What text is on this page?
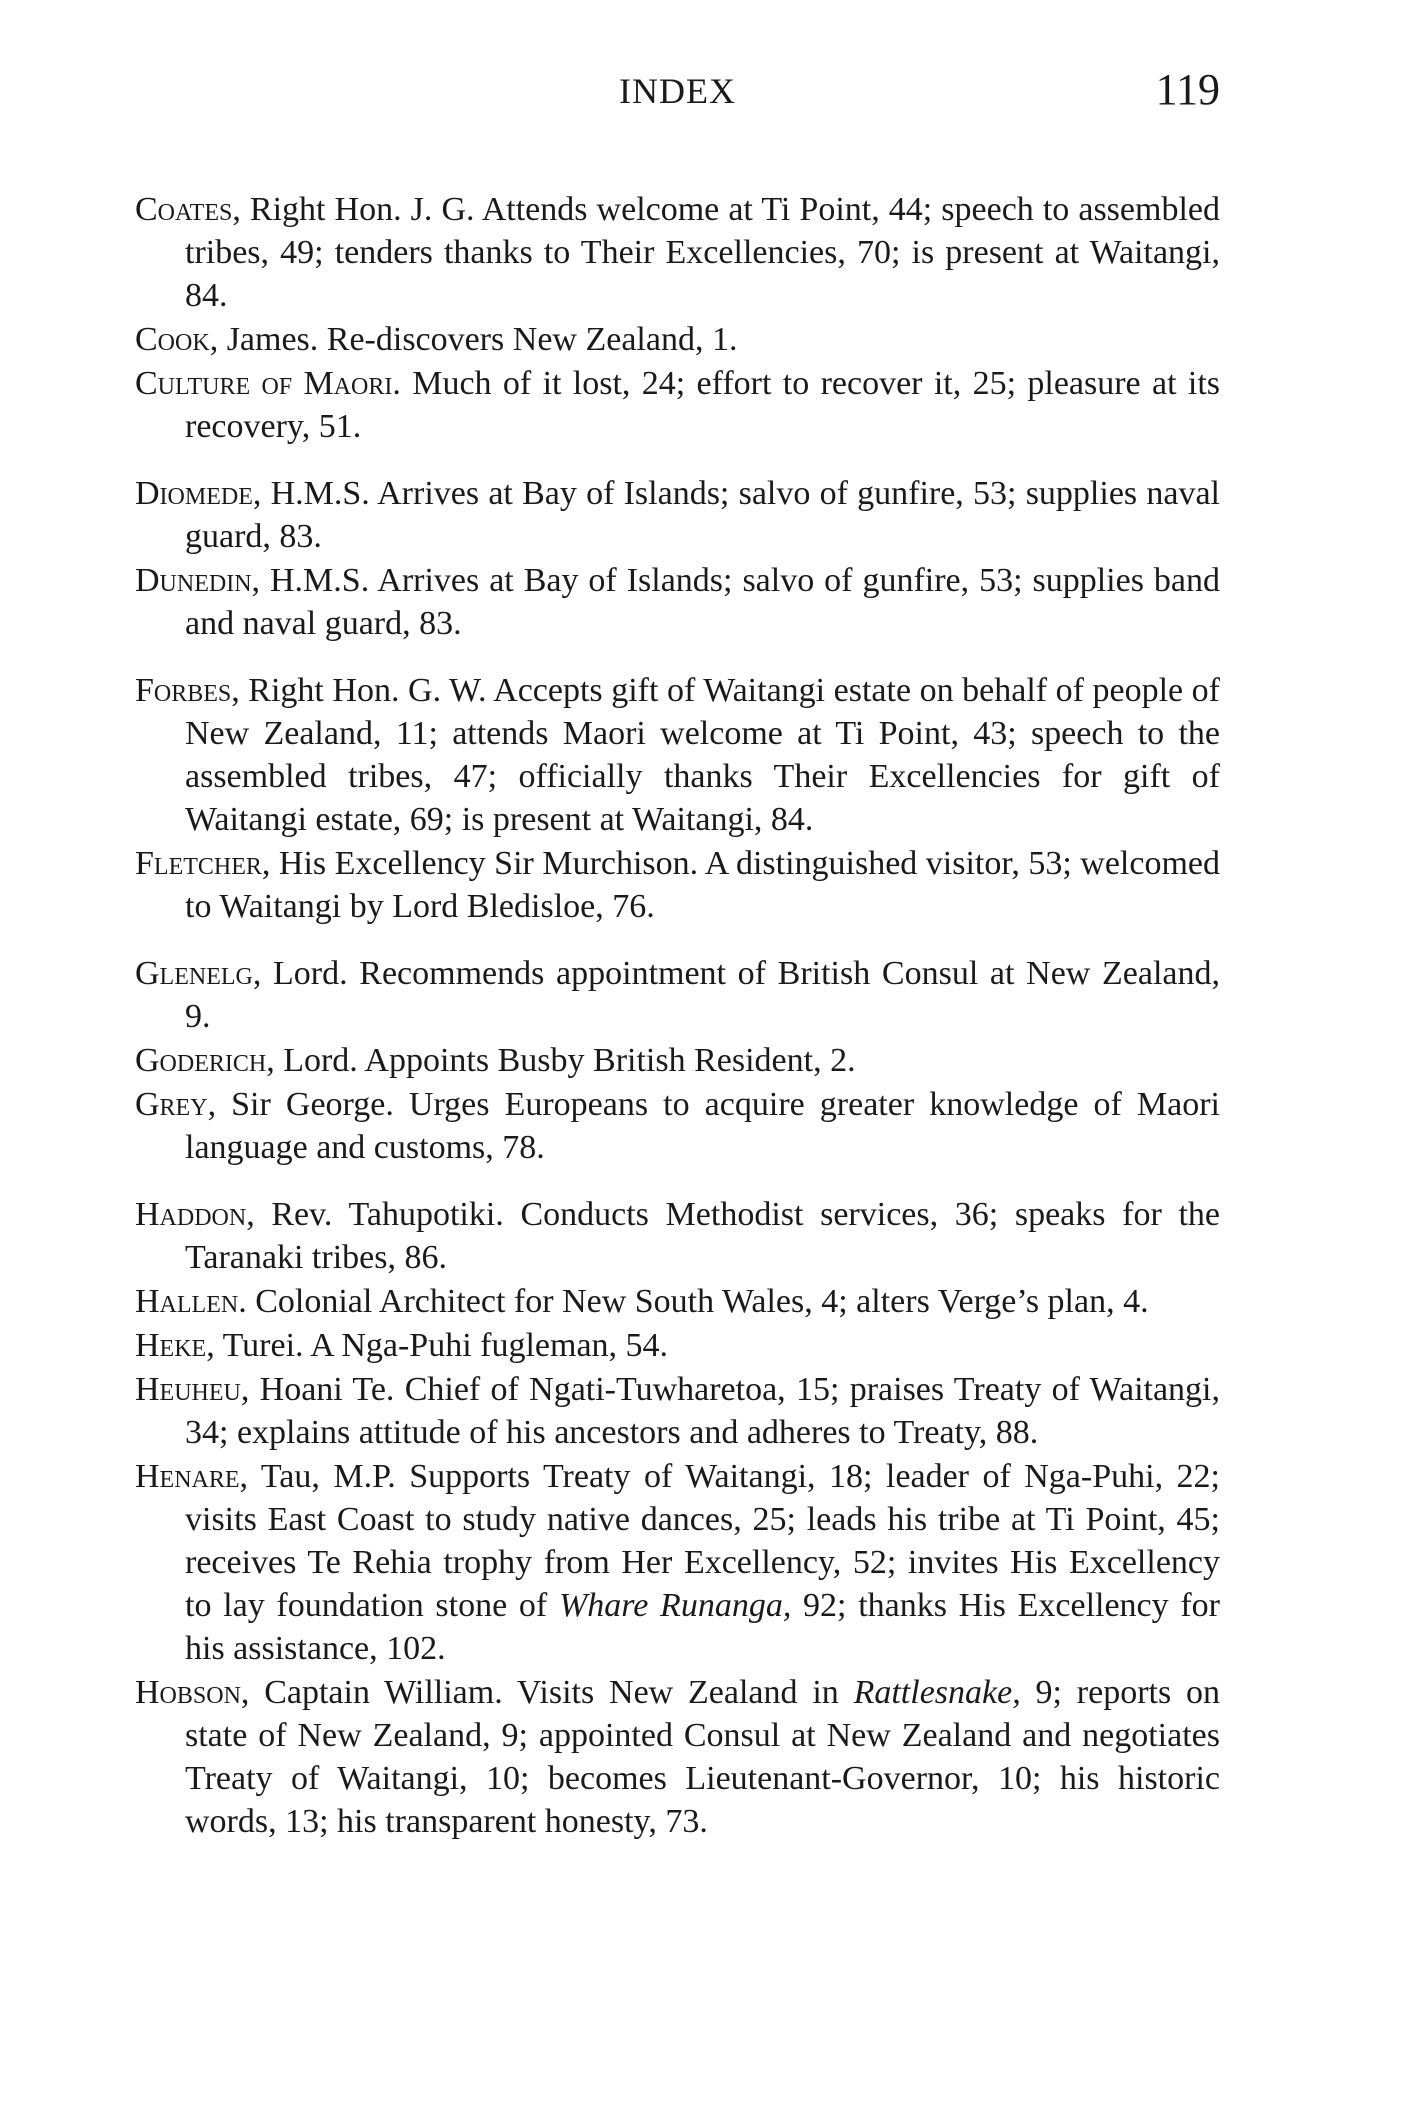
INDEX	119

Coates, Right Hon. J. G. Attends welcome at Ti Point, 44; speech to assembled tribes, 49; tenders thanks to Their Excellencies, 70; is present at Waitangi, 84.

Cook, James. Re-discovers New Zealand, 1.

Culture of Maori. Much of it lost, 24; effort to recover it, 25; pleasure at its recovery, 51.

Diomede, H.M.S. Arrives at Bay of Islands; salvo of gunfire, 53; supplies naval guard, 83.

Dunedin, H.M.S. Arrives at Bay of Islands; salvo of gunfire, 53; supplies band and naval guard, 83.

Forbes, Right Hon. G. W. Accepts gift of Waitangi estate on behalf of people of New Zealand, 11; attends Maori welcome at Ti Point, 43; speech to the assembled tribes, 47; officially thanks Their Excellencies for gift of Waitangi estate, 69; is present at Waitangi, 84.

Fletcher, His Excellency Sir Murchison. A distinguished visitor, 53; welcomed to Waitangi by Lord Bledisloe, 76.

Glenelg, Lord. Recommends appointment of British Consul at New Zealand, 9.

Goderich, Lord. Appoints Busby British Resident, 2.

Grey, Sir George. Urges Europeans to acquire greater knowledge of Maori language and customs, 78.

Haddon, Rev. Tahupotiki. Conducts Methodist services, 36; speaks for the Taranaki tribes, 86.

Hallen. Colonial Architect for New South Wales, 4; alters Verge’s plan, 4.

Heke, Turei. A Nga-Puhi fugleman, 54.

Heuheu, Hoani Te. Chief of Ngati-Tuwharetoa, 15; praises Treaty of Waitangi, 34; explains attitude of his ancestors and adheres to Treaty, 88.

Henare, Tau, M.P. Supports Treaty of Waitangi, 18; leader of Nga-Puhi, 22; visits East Coast to study native dances, 25; leads his tribe at Ti Point, 45; receives Te Rehia trophy from Her Excellency, 52; invites His Excellency to lay foundation stone of Whare Runanga, 92; thanks His Excellency for his assistance, 102.

Hobson, Captain William. Visits New Zealand in Rattlesnake, 9; reports on state of New Zealand, 9; appointed Consul at New Zealand and negotiates Treaty of Waitangi, 10; becomes Lieutenant-Governor, 10; his historic words, 13; his transparent honesty, 73.
